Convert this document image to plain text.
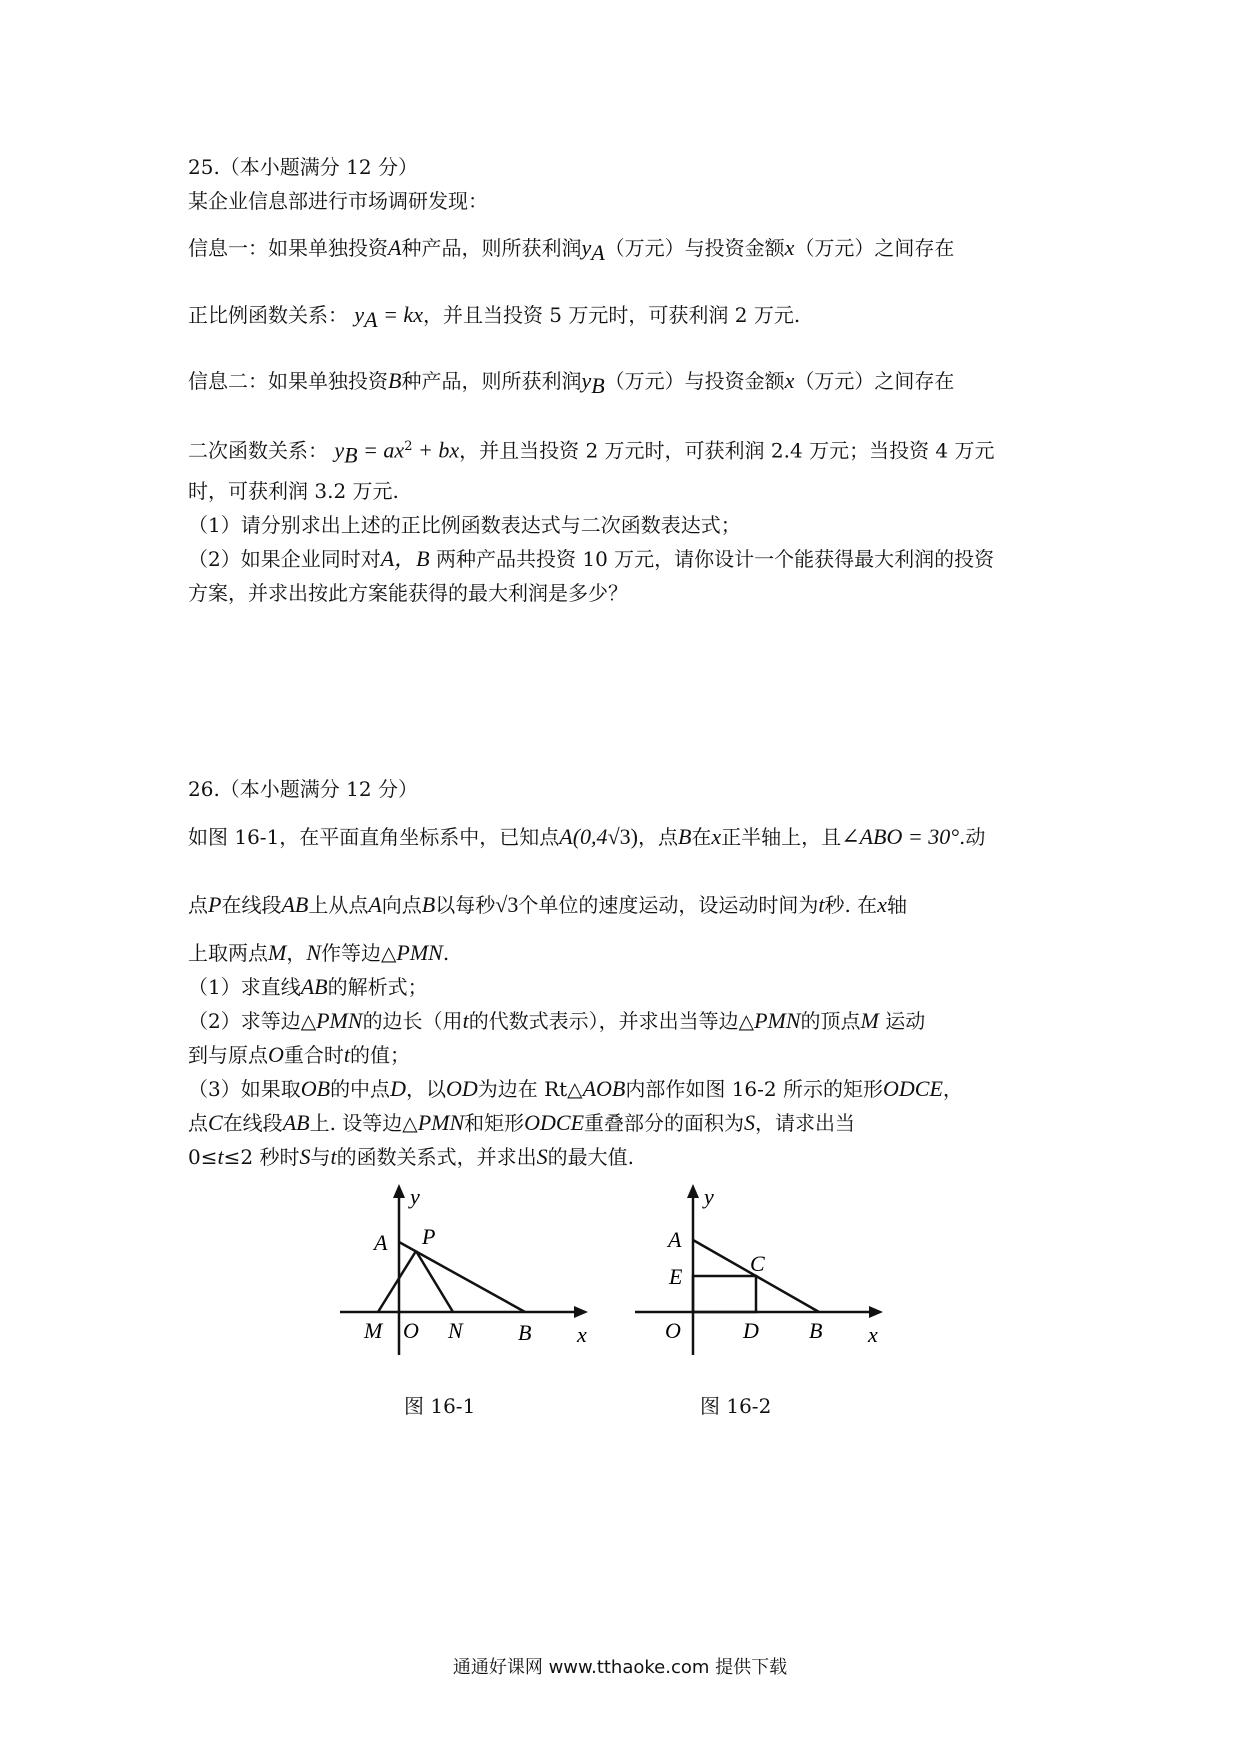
25.（本小题满分 12 分）
某企业信息部进行市场调研发现：
信息一：如果单独投资A种产品，则所获利润$y_A$（万元）与投资金额x（万元）之间存在
正比例函数关系： $y_A$ = kx，并且当投资 5 万元时，可获利润 2 万元.
信息二：如果单独投资B种产品，则所获利润$y_B$（万元）与投资金额x（万元）之间存在
二次函数关系： $y_B = ax^2$ + bx，并且当投资 2 万元时，可获利润 2.4 万元；当投资 4 万元
时，可获利润 3.2 万元.
（1）请分别求出上述的正比例函数表达式与二次函数表达式；
（2）如果企业同时对A，B 两种产品共投资 10 万元，请你设计一个能获得最大利润的投资
方案，并求出按此方案能获得的最大利润是多少？
26.（本小题满分 12 分）
如图 16-1，在平面直角坐标系中，已知点A(0,4√3)，点B在x正半轴上，且∠ABO = 30°.动
点P在线段AB上从点A向点B以每秒√3个单位的速度运动，设运动时间为t秒. 在x轴
上取两点M，N作等边△PMN.
（1）求直线AB的解析式；
（2）求等边△PMN的边长（用t的代数式表示），并求出当等边△PMN的顶点M 运动
到与原点O重合时t的值；
（3）如果取OB的中点D，以OD为边在 Rt△AOB内部作如图 16-2 所示的矩形ODCE，
点C在线段AB上. 设等边△PMN和矩形ODCE重叠部分的面积为S，请求出当
0≤t≤2 秒时S与t的函数关系式，并求出S的最大值.
y
A P
M O N	B x
图 16-1
y
A
C
E
O	D B x
图 16-2
通通好课网 www.tthaoke.com 提供下载
